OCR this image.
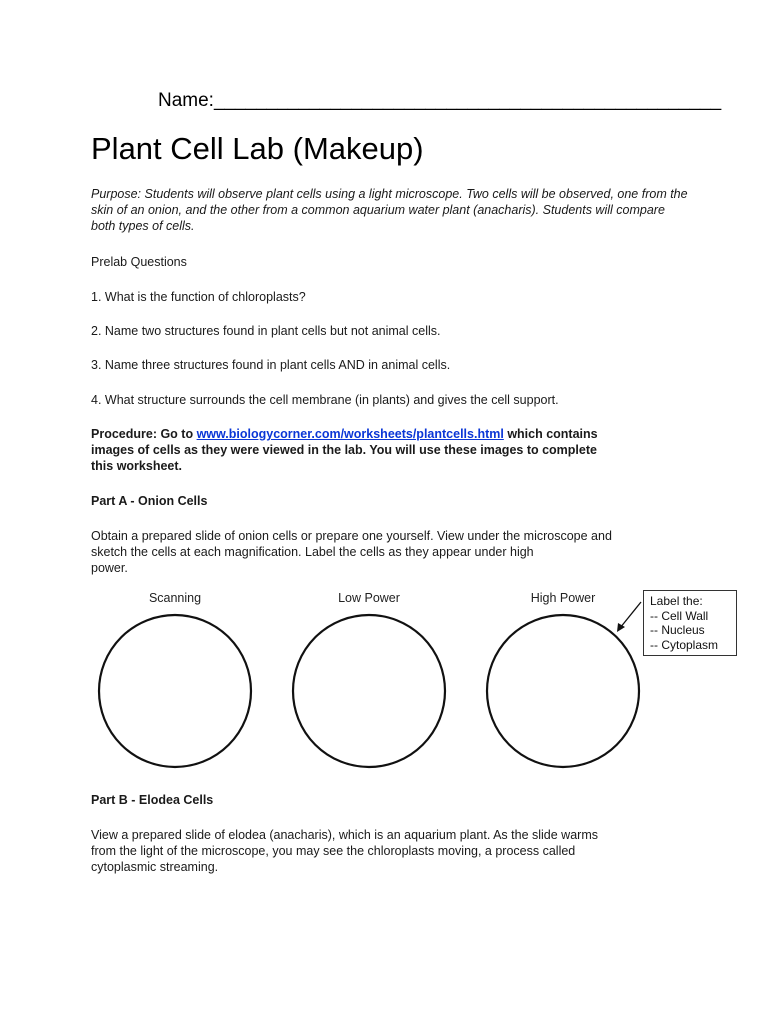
Name:________________________________________________
Plant Cell Lab (Makeup)
Purpose: Students will observe plant cells using a light microscope. Two cells will be observed, one from the skin of an onion, and the other from a common aquarium water plant (anacharis). Students will compare both types of cells.
Prelab Questions
1. What is the function of chloroplasts?
2. Name two structures found in plant cells but not animal cells.
3. Name three structures found in plant cells AND in animal cells.
4. What structure surrounds the cell membrane (in plants) and gives the cell support.
Procedure: Go to www.biologycorner.com/worksheets/plantcells.html which contains
images of cells as they were viewed in the lab. You will use these images to complete
this worksheet.
Part A - Onion Cells
Obtain a prepared slide of onion cells or prepare one yourself. View under the microscope and
sketch the cells at each magnification. Label the cells as they appear under high
power.
Scanning	Low Power	High Power	Label the:
-- Cell Wall
-- Nucleus
-- Cytoplasm
Part B - Elodea Cells
View a prepared slide of elodea (anacharis), which is an aquarium plant. As the slide warms
from the light of the microscope, you may see the chloroplasts moving, a process called
cytoplasmic streaming.
